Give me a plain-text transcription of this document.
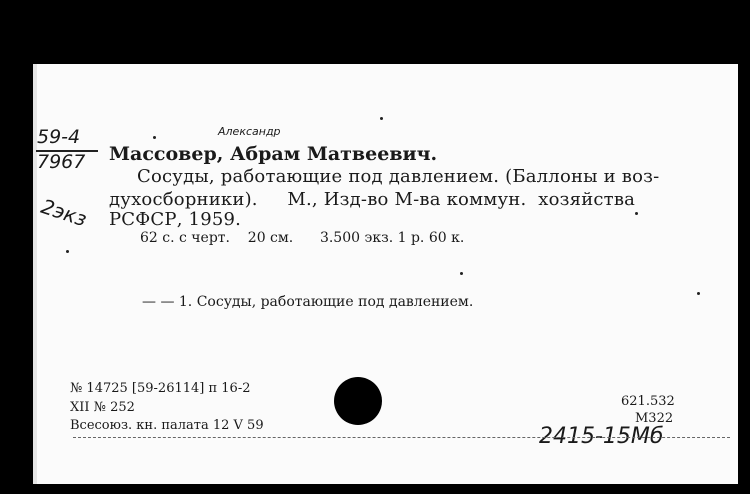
59-4
7967
2экз
Александр
Массовер, Абрам Матвеевич.
Сосуды, работающие под давлением. (Баллоны и воз-
духосборники).     М., Изд-во М-ва коммун.  хозяйства
РСФСР, 1959.
62 с. с черт.    20 см.      3.500 экз. 1 р. 60 к.
— — 1. Сосуды, работающие под давлением.
№ 14725 [59-26114] п 16-2
XII № 252
Всесоюз. кн. палата 12 V 59
621.532
М322
2415-15Мб
